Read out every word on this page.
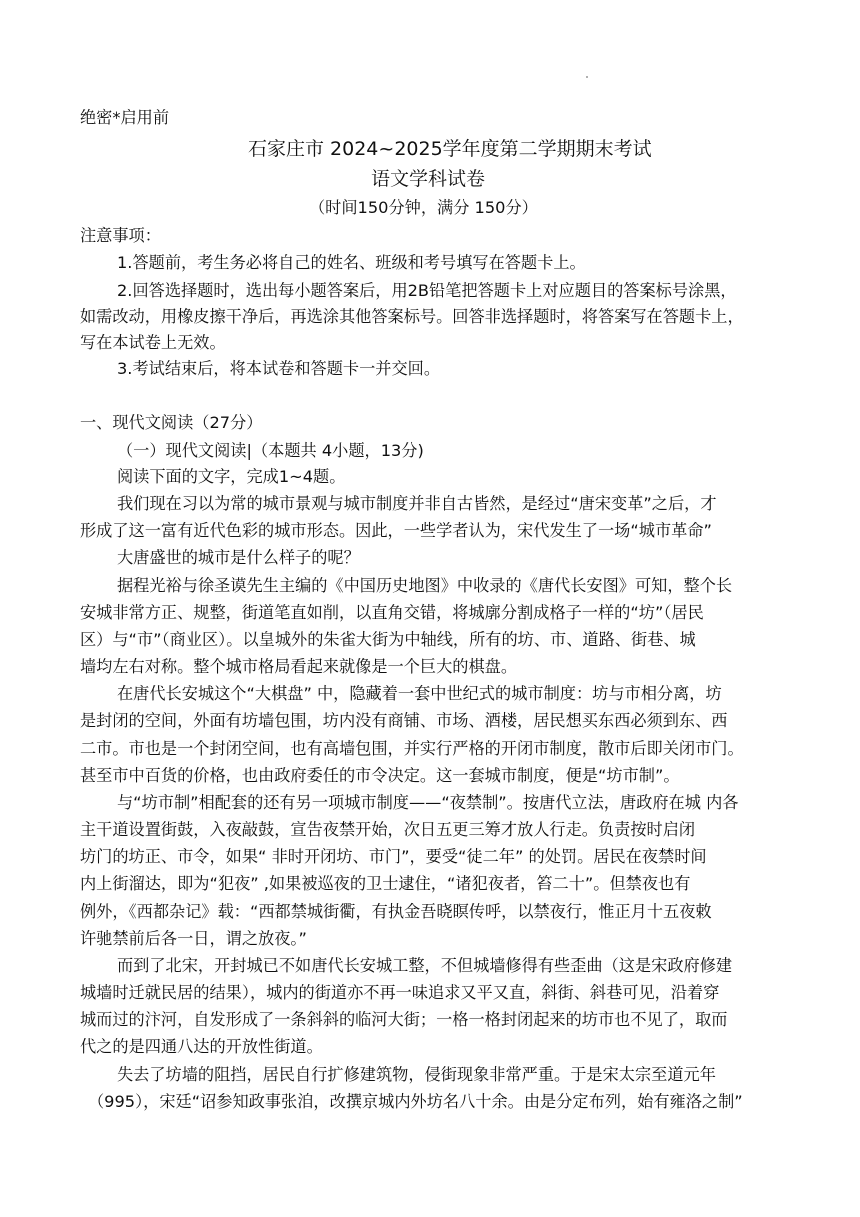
绝密*启用前
石家庄市 2024~2025学年度第二学期期末考试
语文学科试卷
（时间150分钟，满分 150分）
注意事项：
1.答题前，考生务必将自己的姓名、班级和考号填写在答题卡上。
2.回答选择题时，选出每小题答案后，用2B铅笔把答题卡上对应题目的答案标号涂黑，
如需改动，用橡皮擦干净后，再选涂其他答案标号。回答非选择题时，将答案写在答题卡上，
写在本试卷上无效。
3.考试结束后，将本试卷和答题卡一并交回。
一、现代文阅读（27分）
（一）现代文阅读|（本题共 4小题，13分)
阅读下面的文字，完成1~4题。
我们现在习以为常的城市景观与城市制度并非自古皆然，是经过“唐宋变革”之后，才
形成了这一富有近代色彩的城市形态。因此，一些学者认为，宋代发生了一场“城市革命”
大唐盛世的城市是什么样子的呢？
据程光裕与徐圣谟先生主编的《中国历史地图》中收录的《唐代长安图》可知，整个长
安城非常方正、规整，街道笔直如削，以直角交错，将城廓分割成格子一样的“坊”（居民
区）与“市”（商业区）。以皇城外的朱雀大街为中轴线，所有的坊、市、道路、街巷、城
墙均左右对称。整个城市格局看起来就像是一个巨大的棋盘。
在唐代长安城这个“大棋盘” 中，隐藏着一套中世纪式的城市制度：坊与市相分离，坊
是封闭的空间，外面有坊墙包围，坊内没有商铺、市场、酒楼，居民想买东西必须到东、西
二市。市也是一个封闭空间，也有高墙包围，并实行严格的开闭市制度，散市后即关闭市门。
甚至市中百货的价格，也由政府委任的市令决定。这一套城市制度，便是“坊市制”。
与“坊市制”相配套的还有另一项城市制度——“夜禁制”。按唐代立法，唐政府在城 内各
主干道设置街鼓，入夜敲鼓，宣告夜禁开始，次日五更三筹才放人行走。负责按时启闭
坊门的坊正、市令，如果“ 非时开闭坊、市门”，要受“徒二年” 的处罚。居民在夜禁时间
内上街溜达，即为“犯夜” ,如果被巡夜的卫士逮住，“诸犯夜者，笞二十”。但禁夜也有
例外，《西都杂记》载：“西都禁城街衢，有执金吾晓瞑传呼，以禁夜行，惟正月十五夜敕
许驰禁前后各一日，谓之放夜。”
而到了北宋，开封城已不如唐代长安城工整，不但城墙修得有些歪曲（这是宋政府修建
城墙时迁就民居的结果），城内的街道亦不再一味追求又平又直，斜街、斜巷可见，沿着穿
城而过的汴河，自发形成了一条斜斜的临河大街；一格一格封闭起来的坊市也不见了，取而
代之的是四通八达的开放性街道。
失去了坊墙的阻挡，居民自行扩修建筑物，侵街现象非常严重。于是宋太宗至道元年
（995），宋廷“诏参知政事张洎，改撰京城内外坊名八十余。由是分定布列，始有雍洛之制”
